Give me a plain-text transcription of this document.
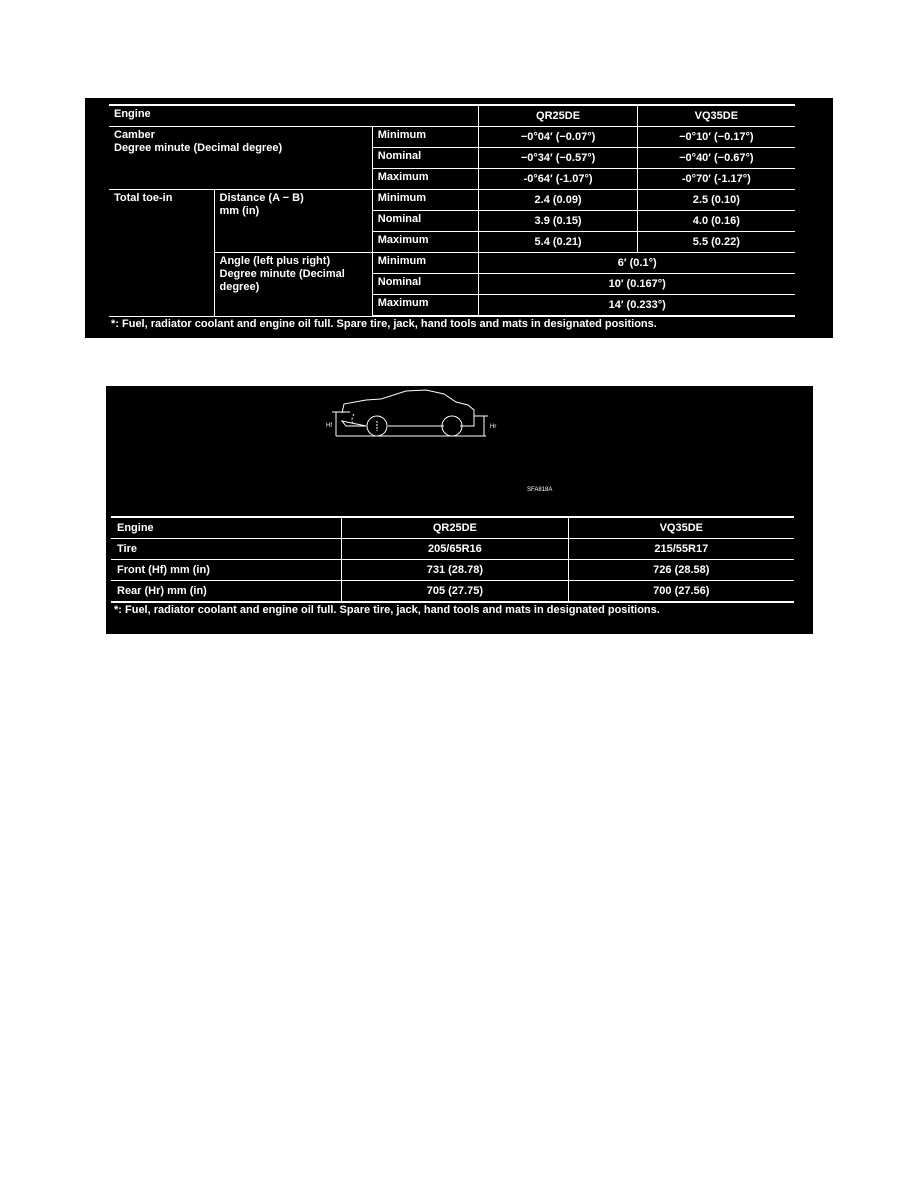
Engine			QR25DE	VQ35DE

Camber
Degree minute (Decimal degree)		Minimum	−0°04′ (−0.07°)	−0°10′ (−0.17°)
		Nominal	−0°34′ (−0.57°)	−0°40′ (−0.67°)
		Maximum	-0°64′ (-1.07°)	-0°70′ (-1.17°)
Total toe-in	Distance (A − B)
mm (in)	Minimum	2.4 (0.09)	2.5 (0.10)
		Nominal	3.9 (0.15)	4.0 (0.16)
		Maximum	5.4 (0.21)	5.5 (0.22)

	Angle (left plus right)
Degree minute (Decimal
degree)	Minimum	6′ (0.1°)	
		Nominal	10′ (0.167°)	
		Maximum	14′ (0.233°)	
*: Fuel, radiator coolant and engine oil full. Spare tire, jack, hand tools and mats in designated positions.
Hf	Hr
SFA818A
Engine	QR25DE	VQ35DE
Tire	205/65R16	215/55R17
Front (Hf) mm (in)	731 (28.78)	726 (28.58)
Rear (Hr) mm (in)	705 (27.75)	700 (27.56)
*: Fuel, radiator coolant and engine oil full. Spare tire, jack, hand tools and mats in designated positions.
